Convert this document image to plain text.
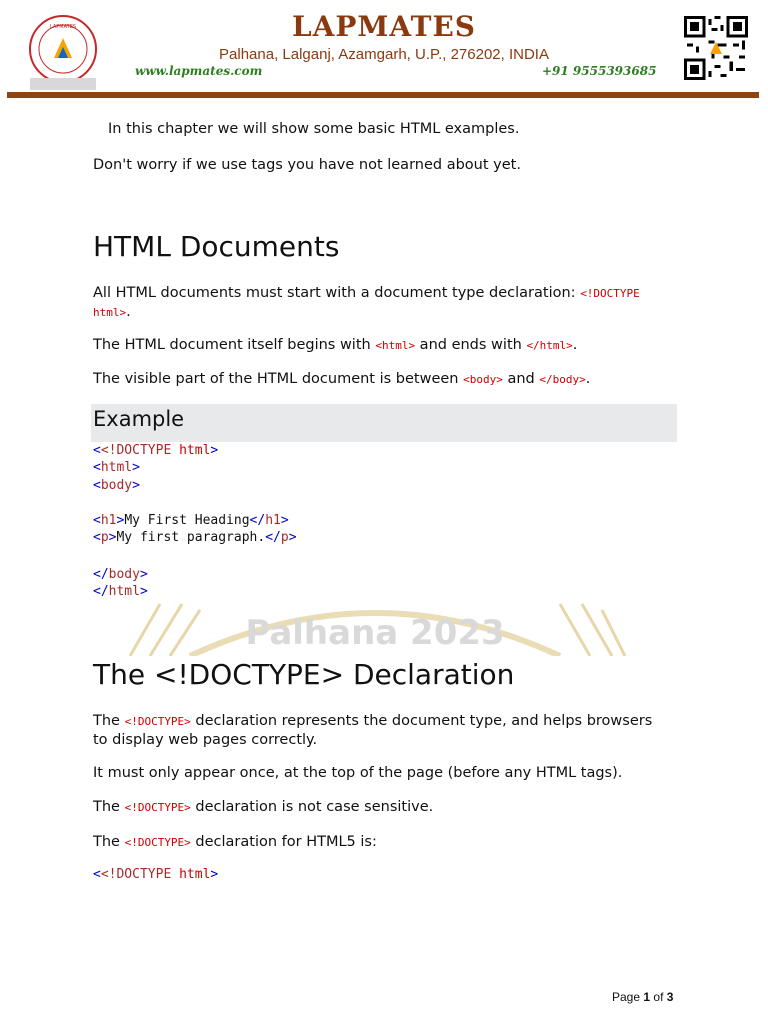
LAPMATES	LAPMATES
Palhana, Lalganj, Azamgarh, U.P., 276202, INDIA
www.lapmates.com	+91 9555393685
In this chapter we will show some basic HTML examples.
Don't worry if we use tags you have not learned about yet.
HTML Documents
All HTML documents must start with a document type declaration: <!DOCTYPE
html>.
The HTML document itself begins with <html> and ends with </html>.
The visible part of the HTML document is between <body> and </body>.
Example
<<!DOCTYPE html>
<html>
<body>
<h1>My First Heading</h1>
<p>My first paragraph.</p>
</body>
</html>
Palhana 2023
The <!DOCTYPE> Declaration
The <!DOCTYPE> declaration represents the document type, and helps browsers
to display web pages correctly.
It must only appear once, at the top of the page (before any HTML tags).
The <!DOCTYPE> declaration is not case sensitive.
The <!DOCTYPE> declaration for HTML5 is:
<<!DOCTYPE html>
Page 1 of 3
